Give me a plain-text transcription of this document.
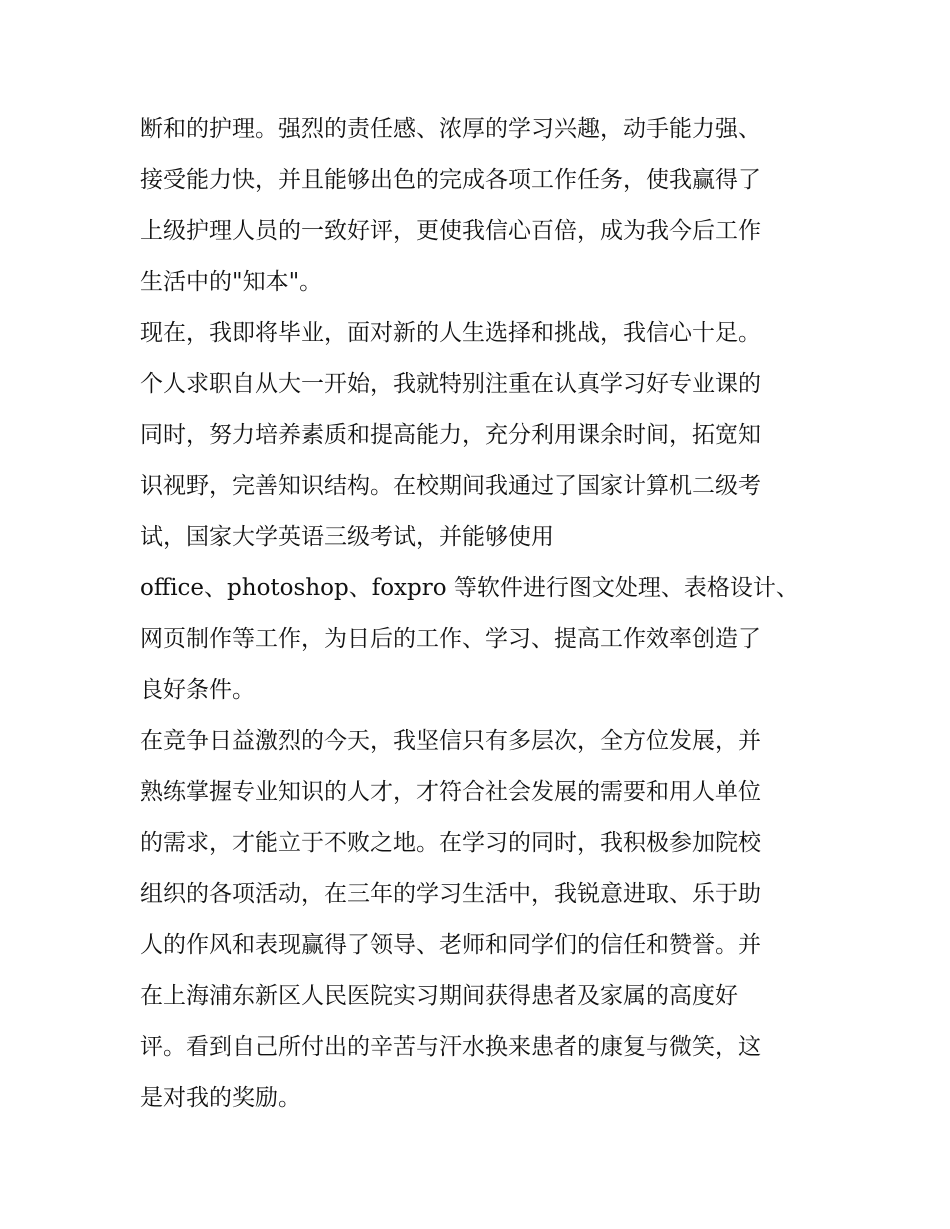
断和的护理。强烈的责任感、浓厚的学习兴趣，动手能力强、
接受能力快，并且能够出色的完成各项工作任务，使我赢得了
上级护理人员的一致好评，更使我信心百倍，成为我今后工作
生活中的"知本"。
现在，我即将毕业，面对新的人生选择和挑战，我信心十足。
个人求职自从大一开始，我就特别注重在认真学习好专业课的
同时，努力培养素质和提高能力，充分利用课余时间，拓宽知
识视野，完善知识结构。在校期间我通过了国家计算机二级考
试，国家大学英语三级考试，并能够使用
office、photoshop、foxpro 等软件进行图文处理、表格设计、
网页制作等工作，为日后的工作、学习、提高工作效率创造了
良好条件。
在竞争日益激烈的今天，我坚信只有多层次，全方位发展，并
熟练掌握专业知识的人才，才符合社会发展的需要和用人单位
的需求，才能立于不败之地。在学习的同时，我积极参加院校
组织的各项活动，在三年的学习生活中，我锐意进取、乐于助
人的作风和表现赢得了领导、老师和同学们的信任和赞誉。并
在上海浦东新区人民医院实习期间获得患者及家属的高度好
评。看到自己所付出的辛苦与汗水换来患者的康复与微笑，这
是对我的奖励。
